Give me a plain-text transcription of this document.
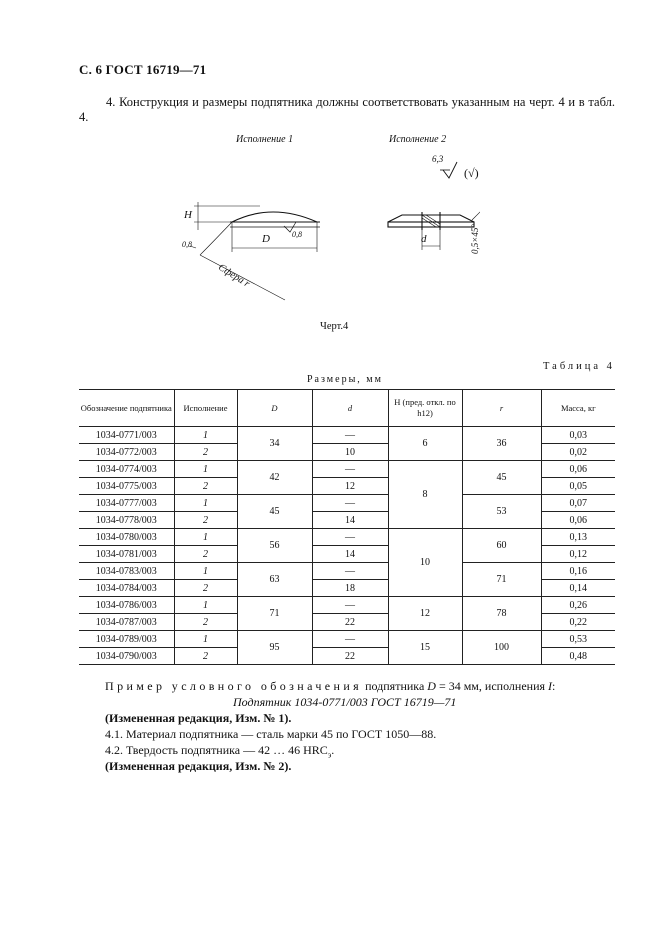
С. 6 ГОСТ 16719—71
4. Конструкция и размеры подпятника должны соответствовать указанным на черт. 4 и в табл. 4.
Исполнение 1	Исполнение 2
H
D	d
0,8
0,8
Сфера r
0,5×45°
6,3
(√)
Черт.4
Таблица 4
Размеры, мм
Обозначение подпятника	Исполнение	D	d	H (пред. откл. по h12)	r	Масса, кг
1034-0771/003	1	34	—	6	36	0,03
1034-0772/003	2		10			0,02
1034-0774/003	1	42	—	8	45	0,06
1034-0775/003	2		12			0,05
1034-0777/003	1	45	—		53	0,07
1034-0778/003	2		14			0,06
1034-0780/003	1	56	—	10	60	0,13
1034-0781/003	2		14			0,12
1034-0783/003	1	63	—		71	0,16
1034-0784/003	2		18			0,14
1034-0786/003	1	71	—	12	78	0,26
1034-0787/003	2		22			0,22
1034-0789/003	1	95	—	15	100	0,53
1034-0790/003	2		22			0,48
Пример условного обозначения подпятника D = 34 мм, исполнения I:
Подпятник 1034-0771/003 ГОСТ 16719—71
(Измененная редакция, Изм. № 1).
4.1. Материал подпятника — сталь марки 45 по ГОСТ 1050—88.
4.2. Твердость подпятника — 42 … 46 $HRC_э$.
(Измененная редакция, Изм. № 2).
